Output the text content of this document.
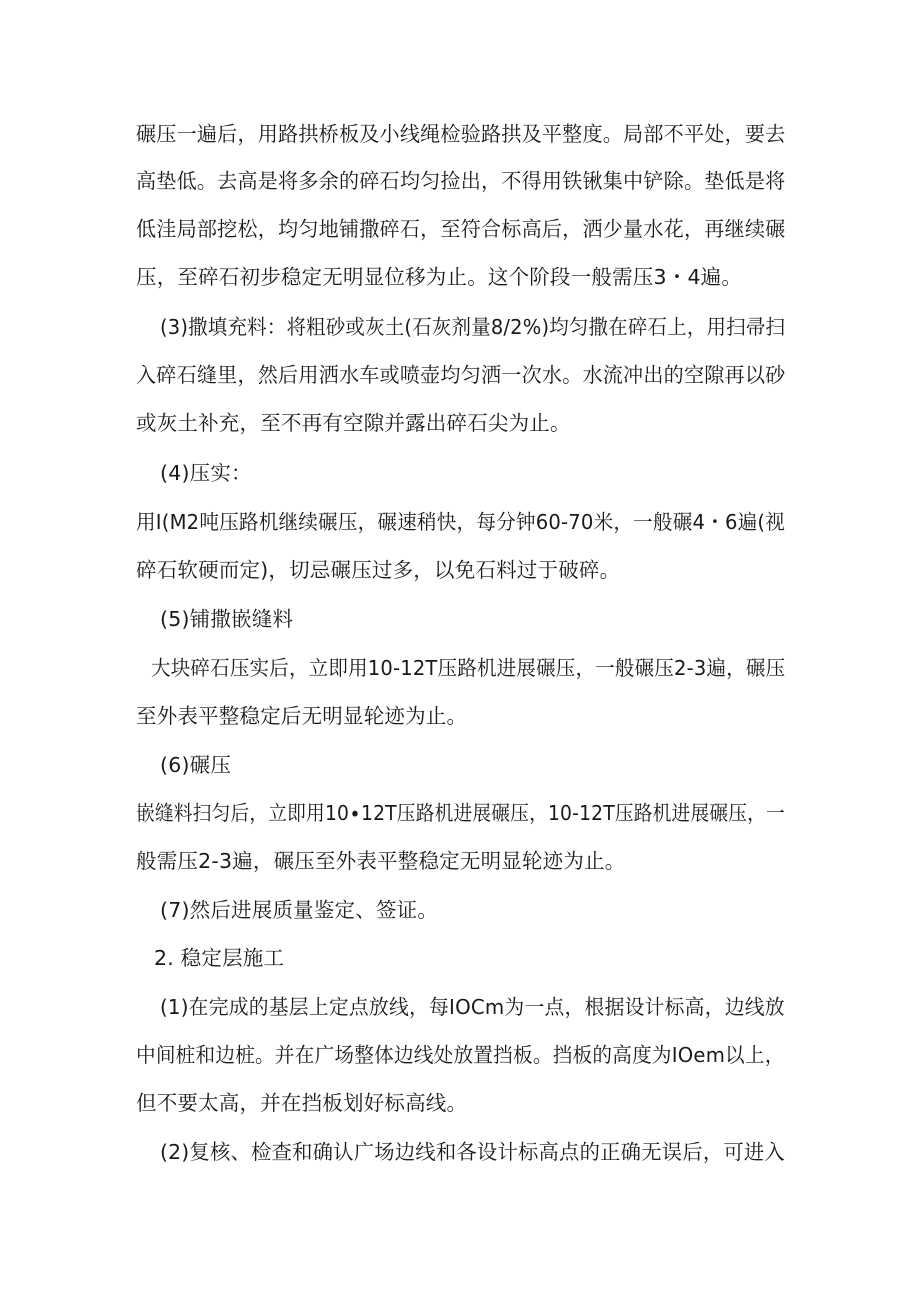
碾压一遍后，用路拱桥板及小线绳检验路拱及平整度。局部不平处，要去
高垫低。去高是将多余的碎石均匀捡出，不得用铁锹集中铲除。垫低是将
低洼局部挖松，均匀地铺撒碎石，至符合标高后，洒少量水花，再继续碾
压，至碎石初步稳定无明显位移为止。这个阶段一般需压3・4遍。
(3)撒填充料：将粗砂或灰土(石灰剂量8/2%)均匀撒在碎石上，用扫帚扫
入碎石缝里，然后用洒水车或喷壶均匀洒一次水。水流冲出的空隙再以砂
或灰土补充，至不再有空隙并露出碎石尖为止。
(4)压实：
用I(M2吨压路机继续碾压，碾速稍快，每分钟60-70米，一般碾4・6遍(视
碎石软硬而定)，切忌碾压过多，以免石料过于破碎。
(5)铺撒嵌缝料
大块碎石压实后，立即用10-12T压路机进展碾压，一般碾压2-3遍，碾压
至外表平整稳定后无明显轮迹为止。
(6)碾压
嵌缝料扫匀后，立即用10∙12T压路机进展碾压，10-12T压路机进展碾压，一
般需压2-3遍，碾压至外表平整稳定无明显轮迹为止。
(7)然后进展质量鉴定、签证。
2. 稳定层施工
(1)在完成的基层上定点放线，每IOCm为一点，根据设计标高，边线放
中间桩和边桩。并在广场整体边线处放置挡板。挡板的高度为IOem以上，
但不要太高，并在挡板划好标高线。
(2)复核、检查和确认广场边线和各设计标高点的正确无误后，可进入
